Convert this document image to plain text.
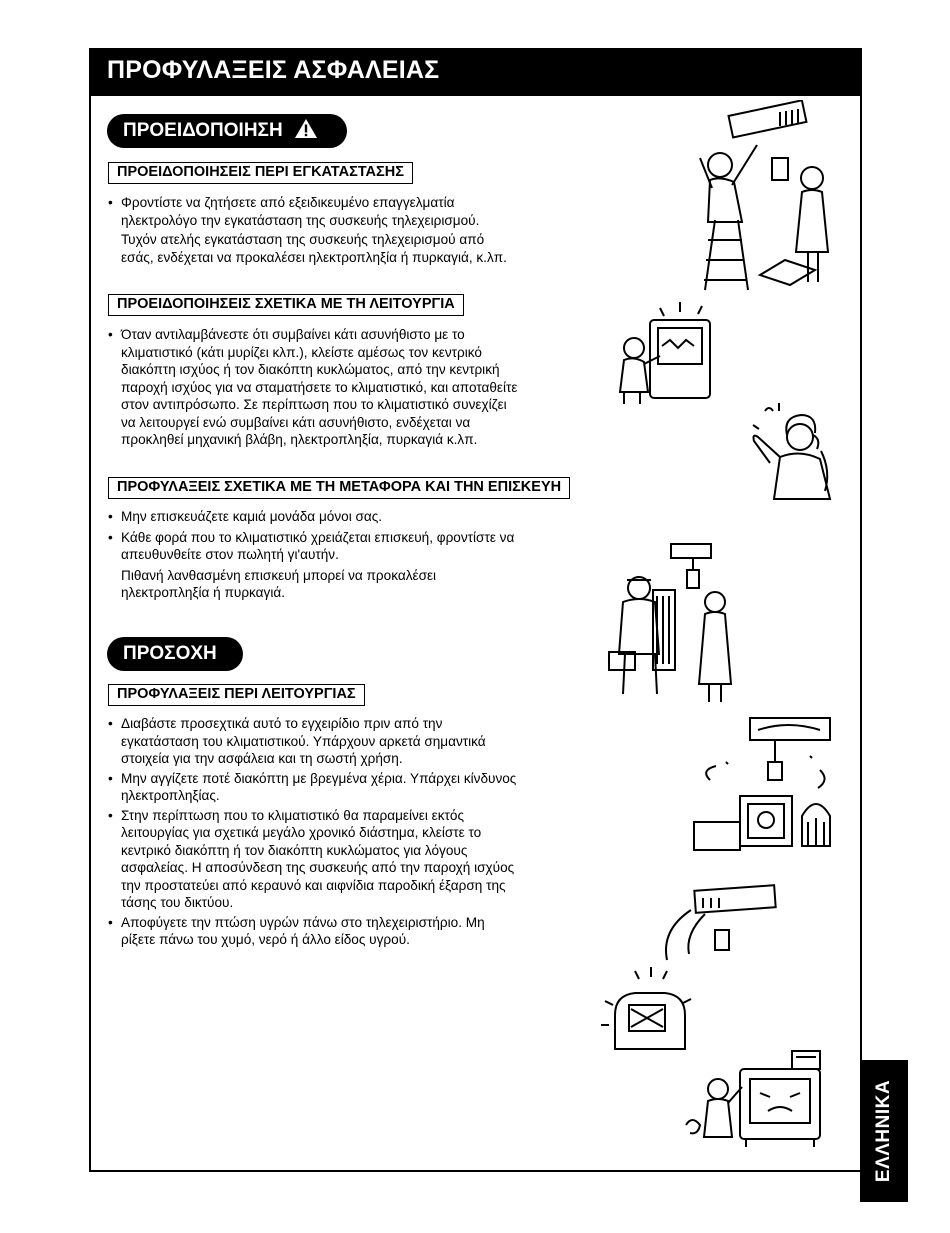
ΠΡΟΦΥΛΑΞΕΙΣ ΑΣΦΑΛΕΙΑΣ
ΠΡΟΕΙΔΟΠΟΙΗΣΗ
ΠΡΟΕΙΔΟΠΟΙΗΣΕΙΣ ΠΕΡΙ ΕΓΚΑΤΑΣΤΑΣΗΣ
• Φροντίστε να ζητήσετε από εξειδικευμένο επαγγελματία
ηλεκτρολόγο την εγκατάσταση της συσκευής τηλεχειρισμού.
Τυχόν ατελής εγκατάσταση της συσκευής τηλεχειρισμού από
εσάς, ενδέχεται να προκαλέσει ηλεκτροπληξία ή πυρκαγιά, κ.λπ.
ΠΡΟΕΙΔΟΠΟΙΗΣΕΙΣ ΣΧΕΤΙΚΑ ΜΕ ΤΗ ΛΕΙΤΟΥΡΓΙΑ
• Όταν αντιλαμβάνεστε ότι συμβαίνει κάτι ασυνήθιστο με το
κλιματιστικό (κάτι μυρίζει κλπ.), κλείστε αμέσως τον κεντρικό
διακόπτη ισχύος ή τον διακόπτη κυκλώματος, από την κεντρική
παροχή ισχύος για να σταματήσετε το κλιματιστικό, και αποταθείτε
στον αντιπρόσωπο. Σε περίπτωση που το κλιματιστικό συνεχίζει
να λειτουργεί ενώ συμβαίνει κάτι ασυνήθιστο, ενδέχεται να
προκληθεί μηχανική βλάβη, ηλεκτροπληξία, πυρκαγιά κ.λπ.
ΠΡΟΦΥΛΑΞΕΙΣ ΣΧΕΤΙΚΑ ΜΕ ΤΗ ΜΕΤΑΦΟΡΑ ΚΑΙ ΤΗΝ ΕΠΙΣΚΕΥΗ
• Μην επισκευάζετε καμιά μονάδα μόνοι σας.
• Κάθε φορά που το κλιματιστικό χρειάζεται επισκευή, φροντίστε να
απευθυνθείτε στον πωλητή γι'αυτήν.
Πιθανή λανθασμένη επισκευή μπορεί να προκαλέσει
ηλεκτροπληξία ή πυρκαγιά.
ΠΡΟΣΟΧΗ
ΠΡΟΦΥΛΑΞΕΙΣ ΠΕΡΙ ΛΕΙΤΟΥΡΓΙΑΣ
• Διαβάστε προσεχτικά αυτό το εγχειρίδιο πριν από την
εγκατάσταση του κλιματιστικού. Υπάρχουν αρκετά σημαντικά
στοιχεία για την ασφάλεια και τη σωστή χρήση.
• Μην αγγίζετε ποτέ διακόπτη με βρεγμένα χέρια. Υπάρχει κίνδυνος
ηλεκτροπληξίας.
• Στην περίπτωση που το κλιματιστικό θα παραμείνει εκτός
λειτουργίας για σχετικά μεγάλο χρονικό διάστημα, κλείστε το
κεντρικό διακόπτη ή τον διακόπτη κυκλώματος για λόγους
ασφαλείας. Η αποσύνδεση της συσκευής από την παροχή ισχύος
την προστατεύει από κεραυνό και αιφνίδια παροδική έξαρση της
τάσης του δικτύου.
• Αποφύγετε την πτώση υγρών πάνω στο τηλεχειριστήριο. Μη
ρίξετε πάνω του χυμό, νερό ή άλλο είδος υγρού.
ΕΛΛΗΝΙΚΑ
